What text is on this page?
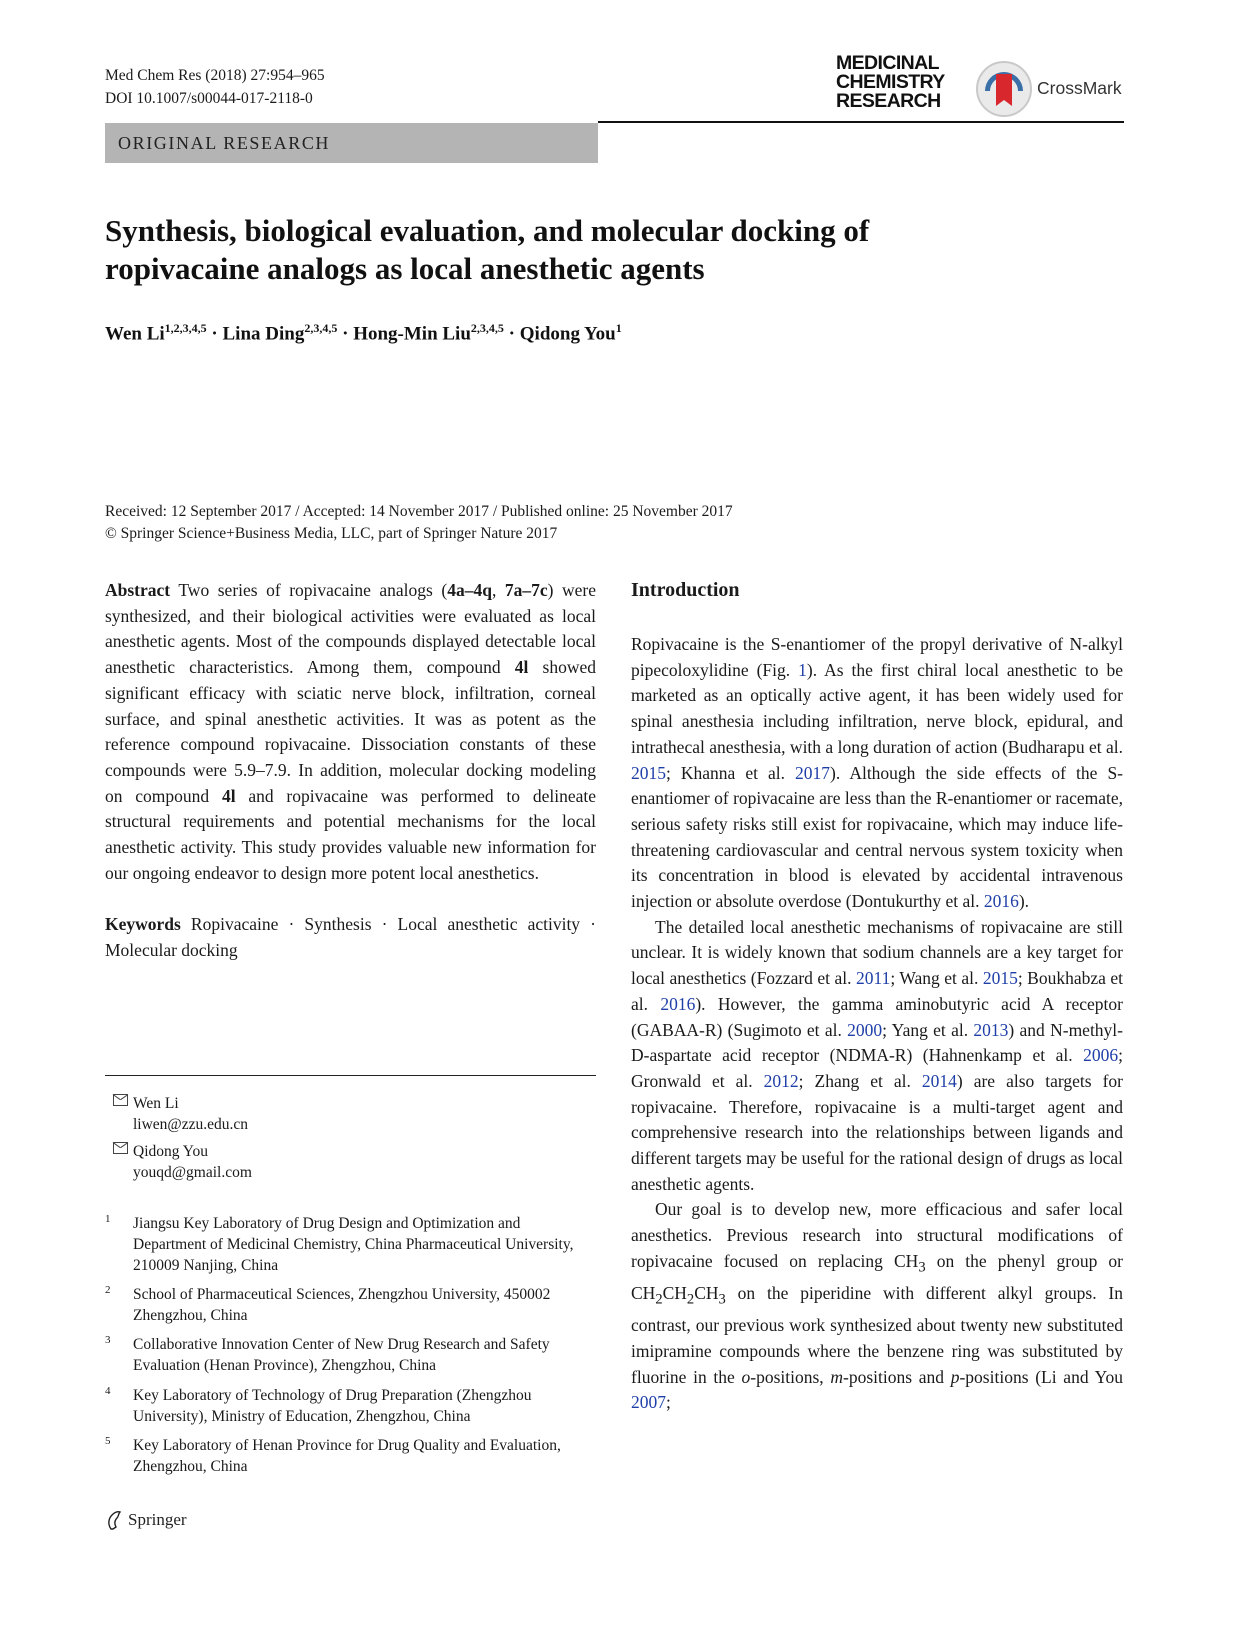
Med Chem Res (2018) 27:954–965
DOI 10.1007/s00044-017-2118-0
MEDICINAL
CHEMISTRY
RESEARCH
CrossMark
ORIGINAL RESEARCH
Synthesis, biological evaluation, and molecular docking of
ropivacaine analogs as local anesthetic agents
Wen Li$^{1,2,3,4,5}$ · Lina Ding$^{2,3,4,5}$ · Hong-Min Liu$^{2,3,4,5}$ · Qidong You$^1$
Received: 12 September 2017 / Accepted: 14 November 2017 / Published online: 25 November 2017
© Springer Science+Business Media, LLC, part of Springer Nature 2017

Abstract Two series of ropivacaine analogs (4a–4q, 7a–7c) were synthesized, and their biological activities were evaluated as local anesthetic agents. Most of the compounds displayed detectable local anesthetic characteristics. Among them, compound 4l showed significant efficacy with sciatic nerve block, infiltration, corneal surface, and spinal anesthetic activities. It was as potent as the reference compound ropivacaine. Dissociation constants of these compounds were 5.9–7.9. In addition, molecular docking modeling on compound 4l and ropivacaine was performed to delineate structural requirements and potential mechanisms for the local anesthetic activity. This study provides valuable new information for our ongoing endeavor to design more potent local anesthetics.

Keywords Ropivacaine · Synthesis · Local anesthetic activity · Molecular docking

Wen Li
liwen@zzu.edu.cn
Qidong You
youqd@gmail.com
1 Jiangsu Key Laboratory of Drug Design and Optimization and Department of Medicinal Chemistry, China Pharmaceutical University, 210009 Nanjing, China
2 School of Pharmaceutical Sciences, Zhengzhou University, 450002 Zhengzhou, China
3 Collaborative Innovation Center of New Drug Research and Safety Evaluation (Henan Province), Zhengzhou, China
4 Key Laboratory of Technology of Drug Preparation (Zhengzhou University), Ministry of Education, Zhengzhou, China
5 Key Laboratory of Henan Province for Drug Quality and Evaluation, Zhengzhou, China
Introduction

Ropivacaine is the S-enantiomer of the propyl derivative of N-alkyl pipecoloxylidine (Fig. 1). As the first chiral local anesthetic to be marketed as an optically active agent, it has been widely used for spinal anesthesia including infiltration, nerve block, epidural, and intrathecal anesthesia, with a long duration of action (Budharapu et al. 2015; Khanna et al. 2017). Although the side effects of the S-enantiomer of ropivacaine are less than the R-enantiomer or racemate, serious safety risks still exist for ropivacaine, which may induce life-threatening cardiovascular and central nervous system toxicity when its concentration in blood is elevated by accidental intravenous injection or absolute overdose (Dontukurthy et al. 2016).

The detailed local anesthetic mechanisms of ropivacaine are still unclear. It is widely known that sodium channels are a key target for local anesthetics (Fozzard et al. 2011; Wang et al. 2015; Boukhabza et al. 2016). However, the gamma aminobutyric acid A receptor (GABAA-R) (Sugimoto et al. 2000; Yang et al. 2013) and N-methyl-D-aspartate acid receptor (NDMA-R) (Hahnenkamp et al. 2006; Gronwald et al. 2012; Zhang et al. 2014) are also targets for ropivacaine. Therefore, ropivacaine is a multi-target agent and comprehensive research into the relationships between ligands and different targets may be useful for the rational design of drugs as local anesthetic agents.

Our goal is to develop new, more efficacious and safer local anesthetics. Previous research into structural modifications of ropivacaine focused on replacing $CH_3$ on the phenyl group or $CH_2CH_2CH_3$ on the piperidine with different alkyl groups. In contrast, our previous work synthesized about twenty new substituted imipramine compounds where the benzene ring was substituted by fluorine in the o-positions, m-positions and p-positions (Li and You 2007;

Springer
